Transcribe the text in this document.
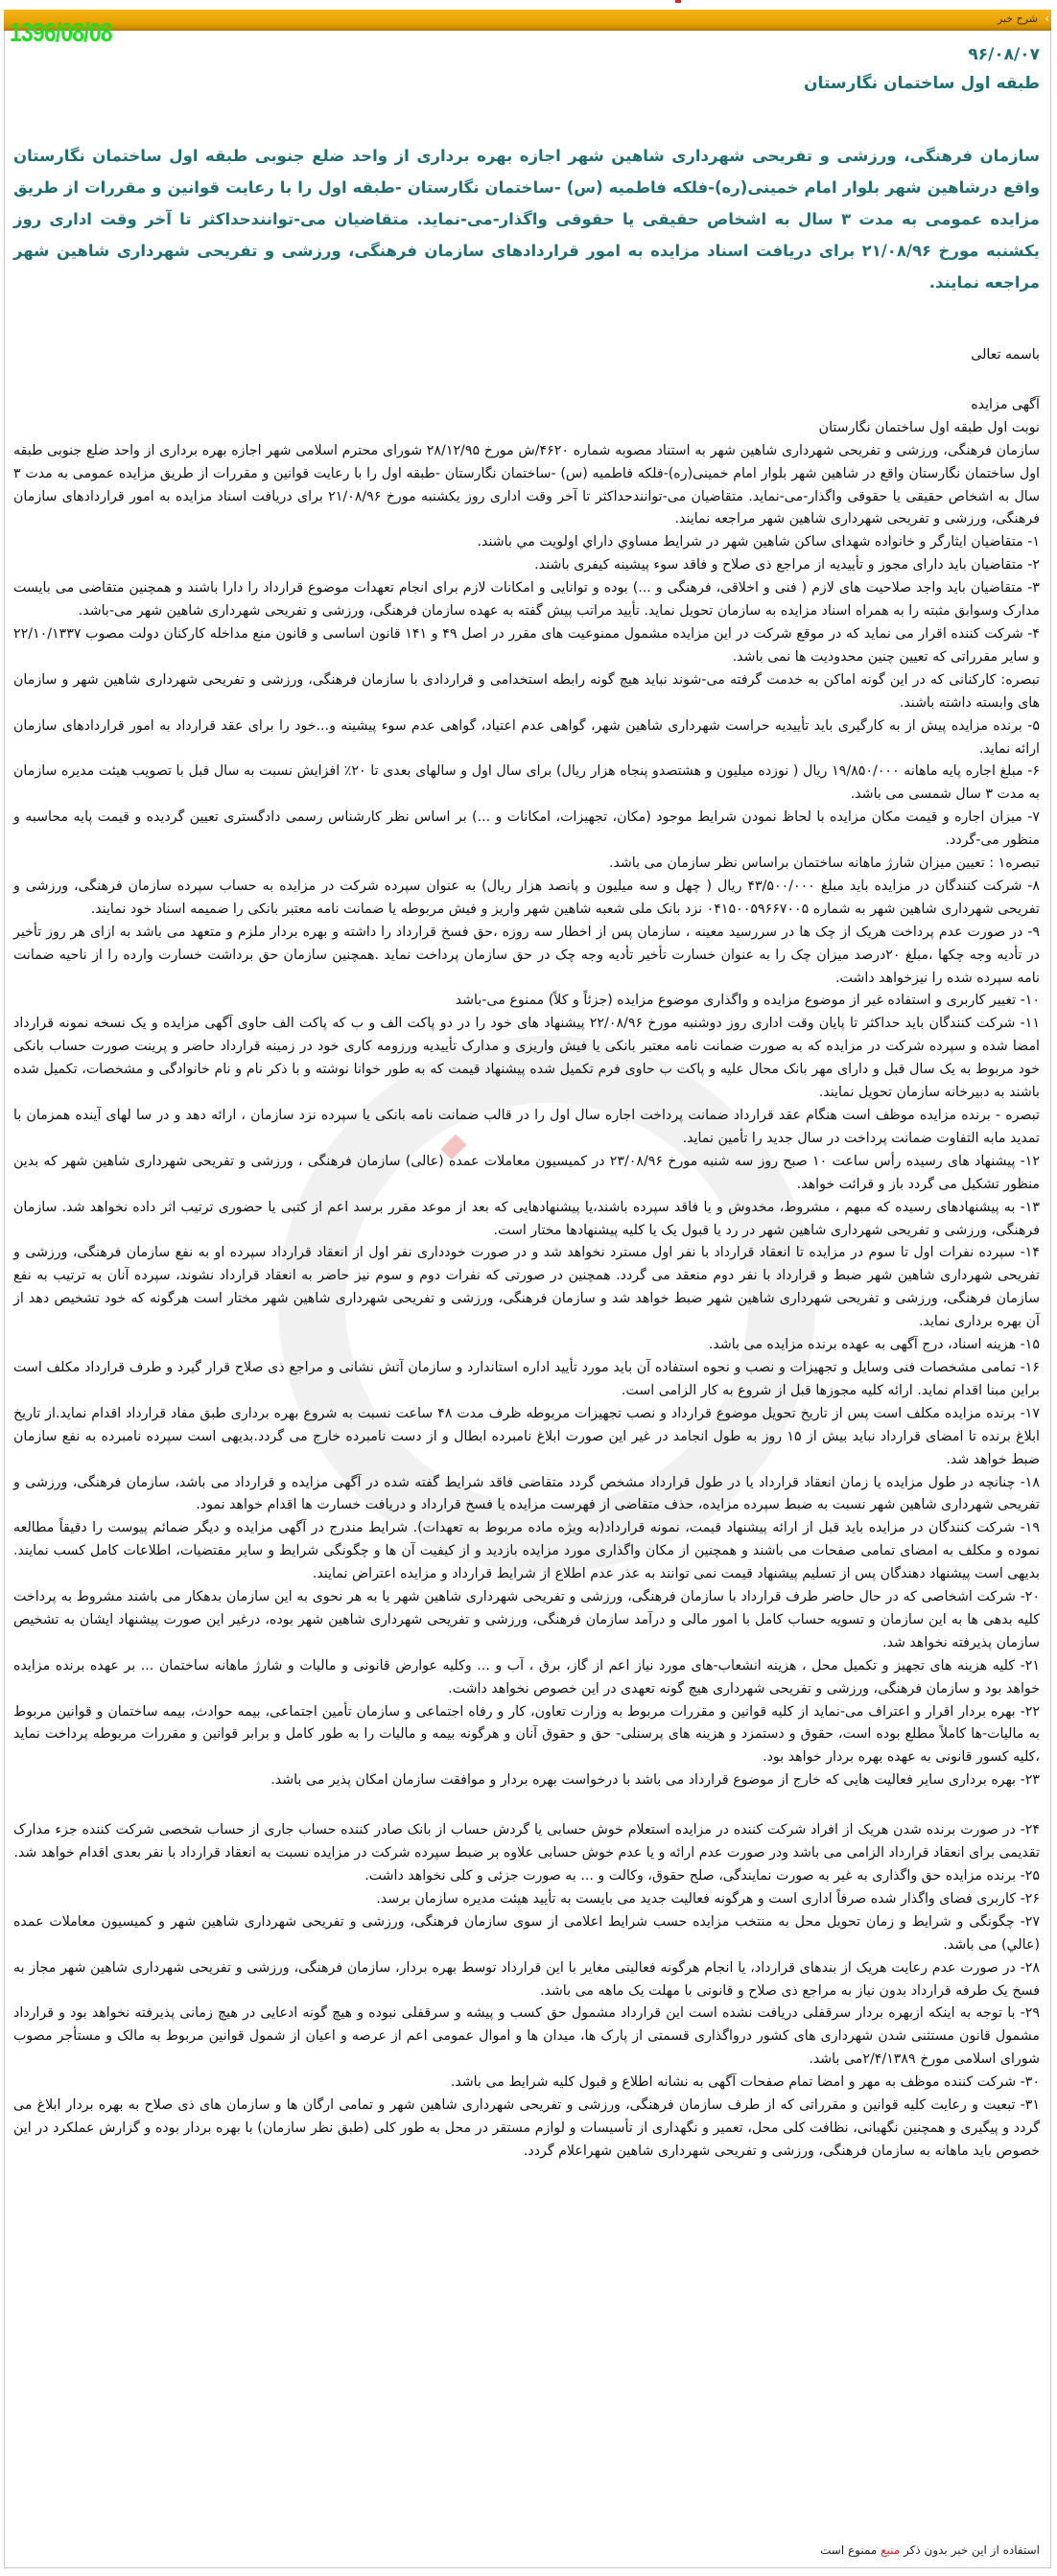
‹
شرح خبر
1396/08/08

۹۶/۰۸/۰۷

طبقه اول ساختمان نگارستان

سازمان فرهنگی، ورزشی و تفریحی شهرداری شاهین شهر اجازه بهره برداری از واحد ضلع جنوبی طبقه اول ساختمان نگارستان واقع درشاهین شهر بلوار امام خمینی(ره)-فلکه فاطمیه (س) -ساختمان نگارستان -طبقه اول را با رعایت قوانین و مقررات از طریق مزایده عمومی به مدت ۳ سال به اشخاص حقیقی یا حقوقی واگذار-می-نماید. متقاضیان می-توانندحداکثر تا آخر وقت اداری روز یکشنبه مورخ ۲۱/۰۸/۹۶ برای دریافت اسناد مزایده به امور قراردادهای سازمان فرهنگی، ورزشی و تفریحی شهرداری شاهین شهر مراجعه نمایند.

باسمه تعالی

آگهی مزایده

نوبت اول طبقه اول ساختمان نگارستان

سازمان فرهنگی، ورزشی و تفریحی شهرداری شاهین شهر به استناد مصوبه شماره ۴۶۲۰/ش مورخ ۲۸/۱۲/۹۵ شورای محترم اسلامی شهر اجازه بهره برداری از واحد ضلع جنوبی طبقه اول ساختمان نگارستان واقع در شاهین شهر بلوار امام خمینی(ره)-فلکه فاطمیه (س) -ساختمان نگارستان -طبقه اول را با رعایت قوانین و مقررات از طریق مزایده عمومی به مدت ۳ سال به اشخاص حقیقی یا حقوقی واگذار-می-نماید. متقاضیان می-توانندحداکثر تا آخر وقت اداری روز یکشنبه مورخ ۲۱/۰۸/۹۶ برای دریافت اسناد مزایده به امور قراردادهای سازمان فرهنگی، ورزشی و تفریحی شهرداری شاهین شهر مراجعه نمایند.

۱- متقاضیان ایثارگر و خانواده شهدای ساکن شاهین شهر در شرایط مساوي داراي اولويت مي باشند.

۲- متقاضیان باید دارای مجوز و تأییدیه از مراجع ذی صلاح و فاقد سوء پیشینه کیفری باشند.

۳- متقاضیان باید واجد صلاحیت های لازم ( فنی و اخلاقی، فرهنگی و ...) بوده و توانایی و امکانات لازم برای انجام تعهدات موضوع قرارداد را دارا باشند و همچنین متقاضی می بایست مدارک وسوابق مثبته را به همراه اسناد مزایده به سازمان تحویل نماید. تأیید مراتب پیش گفته به عهده سازمان فرهنگی، ورزشی و تفریحی شهرداری شاهین شهر می-باشد.

۴- شرکت کننده اقرار می نماید که در موقع شرکت در این مزایده مشمول ممنوعیت های مقرر در اصل ۴۹ و ۱۴۱ قانون اساسی و قانون منع مداخله کارکنان دولت مصوب ۲۲/۱۰/۱۳۳۷ و سایر مقرراتی که تعیین چنین محدودیت ها نمی باشد.

تبصره: کارکنانی که در این گونه اماکن به خدمت گرفته می-شوند نباید هیچ گونه رابطه استخدامی و قراردادی با سازمان فرهنگی، ورزشی و تفریحی شهرداری شاهین شهر و سازمان های وابسته داشته باشند.

۵- برنده مزایده پیش از به کارگیری باید تأییدیه حراست شهرداری شاهین شهر، گواهی عدم اعتیاد، گواهی عدم سوء پیشینه و...خود را برای عقد قرارداد به امور قراردادهای سازمان ارائه نماید.

۶- مبلغ اجاره پایه ماهانه ۱۹/۸۵۰/۰۰۰ ریال ( نوزده میلیون و هشتصدو پنجاه هزار ریال) برای سال اول و سالهای بعدی تا ۲۰٪ افزایش نسبت به سال قبل با تصویب هیئت مدیره سازمان به مدت ۳ سال شمسی می باشد.

۷- میزان اجاره و قیمت مکان مزایده با لحاظ نمودن شرایط موجود (مکان، تجهیزات، امکانات و ...) بر اساس نظر کارشناس رسمی دادگستری تعیین گردیده و قیمت پایه محاسبه و منظور می-گردد.

تبصره۱ : تعیین میزان شارژ ماهانه ساختمان براساس نظر سازمان می باشد.

۸- شرکت کنندگان در مزایده باید مبلغ ۴۳/۵۰۰/۰۰۰ ریال ( چهل و سه میلیون و پانصد هزار ریال) به عنوان سپرده شرکت در مزایده به حساب سپرده سازمان فرهنگی، ورزشی و تفریحی شهرداری شاهین شهر به شماره ۰۴۱۵۰۰۵۹۶۶۷۰۰۵ نزد بانک ملی شعبه شاهین شهر واریز و فیش مربوطه یا ضمانت نامه معتبر بانکی را ضمیمه اسناد خود نمایند.

۹- در صورت عدم پرداخت هریک از چک ها در سررسید معینه ، سازمان پس از اخطار سه روزه ،حق فسخ قرارداد را داشته و بهره بردار ملزم و متعهد می باشد به ازای هر روز تأخیر در تأدیه وجه چکها ،مبلغ ۲۰درصد میزان چک را به عنوان خسارت تأخیر تأدیه وجه چک در حق سازمان پرداخت نماید .همچنین سازمان حق برداشت خسارت وارده را از ناحیه ضمانت نامه سپرده شده را نیزخواهد داشت.

۱۰- تغییر کاربری و استفاده غیر از موضوع مزایده و واگذاری موضوع مزایده (جزئاً و کلاً) ممنوع می-باشد

۱۱- شرکت کنندگان باید حداکثر تا پایان وقت اداری روز دوشنبه مورخ ۲۲/۰۸/۹۶ پیشنهاد های خود را در دو پاکت الف و ب که پاکت الف حاوی آگهی مزایده و یک نسخه نمونه قرارداد امضا شده و سپرده شرکت در مزایده که به صورت ضمانت نامه معتبر بانکی یا فیش واریزی و مدارک تأییدیه ورزومه کاری خود در زمینه قرارداد حاضر و پرینت صورت حساب بانکی خود مربوط به یک سال قبل و دارای مهر بانک محال علیه و پاکت ب حاوی فرم تکمیل شده پیشنهاد قیمت که به طور خوانا نوشته و با ذکر نام و نام خانوادگی و مشخصات، تکمیل شده باشند به دبیرخانه سازمان تحویل نمایند.

تبصره - برنده مزایده موظف است هنگام عقد قرارداد ضمانت پرداخت اجاره سال اول را در قالب ضمانت نامه بانکی یا سپرده نزد سازمان ، ارائه دهد و در سا لهای آینده همزمان با تمدید مابه التفاوت ضمانت پرداخت در سال جدید را تأمین نماید.

۱۲- پیشنهاد های رسیده رأس ساعت ۱۰ صبح روز سه شنبه مورخ ۲۳/۰۸/۹۶ در کمیسیون معاملات عمده (عالی) سازمان فرهنگی ، ورزشی و تفریحی شهرداری شاهین شهر که بدین منظور تشکیل می گردد باز و قرائت خواهد.

۱۳- به پیشنهادهای رسیده که مبهم ، مشروط، مخدوش و یا فاقد سپرده باشند،یا پیشنهادهایی که بعد از موعد مقرر برسد اعم از کتبی یا حضوری ترتیب اثر داده نخواهد شد. سازمان فرهنگی، ورزشی و تفریحی شهرداری شاهین شهر در رد یا قبول یک یا کلیه پیشنهادها مختار است.

۱۴- سپرده نفرات اول تا سوم در مزایده تا انعقاد قرارداد با نفر اول مسترد نخواهد شد و در صورت خودداری نفر اول از انعقاد قرارداد سپرده او به نفع سازمان فرهنگی، ورزشی و تفریحی شهرداری شاهین شهر ضبط و قرارداد با نفر دوم منعقد می گردد. همچنین در صورتی که نفرات دوم و سوم نیز حاضر به انعقاد قرارداد نشوند، سپرده آنان به ترتیب به نفع سازمان فرهنگی، ورزشی و تفریحی شهرداری شاهین شهر ضبط خواهد شد و سازمان فرهنگی، ورزشی و تفریحی شهرداری شاهین شهر مختار است هرگونه که خود تشخیص دهد از آن بهره برداری نماید.

۱۵- هزینه اسناد، درج آگهی به عهده برنده مزایده می باشد.

۱۶- تمامی مشخصات فنی وسایل و تجهیزات و نصب و نحوه استفاده آن باید مورد تأیید اداره استاندارد و سازمان آتش نشانی و مراجع ذی صلاح قرار گیرد و طرف قرارداد مکلف است براین مبنا اقدام نماید. ارائه کلیه مجوزها قبل از شروع به کار الزامی است.

۱۷- برنده مزایده مکلف است پس از تاریخ تحویل موضوع قرارداد و نصب تجهیزات مربوطه ظرف مدت ۴۸ ساعت نسبت به شروع بهره برداری طبق مفاد قرارداد اقدام نماید.از تاریخ ابلاغ برنده تا امضای قرارداد نباید بیش از ۱۵ روز به طول انجامد در غیر این صورت ابلاغ نامبرده ابطال و از دست نامبرده خارج می گردد.بدیهی است سپرده نامبرده به نفع سازمان ضبط خواهد شد.

۱۸- چنانچه در طول مزایده یا زمان انعقاد قرارداد یا در طول قرارداد مشخص گردد متقاضی فاقد شرایط گفته شده در آگهی مزایده و قرارداد می باشد، سازمان فرهنگی، ورزشی و تفریحی شهرداری شاهین شهر نسبت به ضبط سپرده مزایده، حذف متقاضی از فهرست مزایده یا فسخ قرارداد و دریافت خسارت ها اقدام خواهد نمود.

۱۹- شرکت کنندگان در مزایده باید قبل از ارائه پیشنهاد قیمت، نمونه قرارداد(به ویژه ماده مربوط به تعهدات). شرایط مندرج در آگهی مزایده و دیگر ضمائم پیوست را دقیقاً مطالعه نموده و مکلف به امضای تمامی صفحات می باشند و همچنین از مکان واگذاری مورد مزایده بازدید و از کیفیت آن ها و چگونگی شرایط و سایر مقتضیات، اطلاعات کامل کسب نمایند. بدیهی است پیشنهاد دهندگان پس از تسلیم پیشنهاد قیمت نمی توانند به عذر عدم اطلاع از شرایط قرارداد و مزایده اعتراض نمایند.

۲۰- شرکت اشخاصی که در حال حاضر طرف قرارداد با سازمان فرهنگی، ورزشی و تفریحی شهرداری شاهین شهر یا به هر نحوی به این سازمان بدهکار می باشند مشروط به پرداخت کلیه بدهی ها به این سازمان و تسویه حساب کامل با امور مالی و درآمد سازمان فرهنگی، ورزشی و تفریحی شهرداری شاهین شهر بوده، درغیر این صورت پیشنهاد ایشان به تشخیص سازمان پذیرفته نخواهد شد.

۲۱- کلیه هزینه های تجهیز و تکمیل محل ، هزینه انشعاب-های مورد نیاز اعم از گاز، برق ، آب و ... وکلیه عوارض قانونی و مالیات و شارژ ماهانه ساختمان ... بر عهده برنده مزایده خواهد بود و سازمان فرهنگی، ورزشی و تفریحی شهرداری هیچ گونه تعهدی در این خصوص نخواهد داشت.

۲۲- بهره بردار اقرار و اعتراف می-نماید از کلیه قوانین و مقررات مربوط به وزارت تعاون، کار و رفاه اجتماعی و سازمان تأمین اجتماعی، بیمه حوادث، بیمه ساختمان و قوانین مربوط به مالیات-ها کاملاً مطلع بوده است، حقوق و دستمزد و هزینه های پرسنلی- حق و حقوق آنان و هرگونه بیمه و مالیات را به طور کامل و برابر قوانین و مقررات مربوطه پرداخت نماید ،کلیه کسور قانونی به عهده بهره بردار خواهد بود.

۲۳- بهره برداری سایر فعالیت هایی که خارج از موضوع قرارداد می باشد با درخواست بهره بردار و موافقت سازمان امکان پذیر می باشد.

۲۴- در صورت برنده شدن هریک از افراد شرکت کننده در مزایده استعلام خوش حسابی یا گردش حساب از بانک صادر کننده حساب جاری از حساب شخصی شرکت کننده جزء مدارک تقدیمی برای انعقاد قرارداد الزامی می باشد ودر صورت عدم ارائه و یا عدم خوش حسابی علاوه بر ضبط سپرده شرکت در مزایده نسبت به انعقاد قرارداد با نفر بعدی اقدام خواهد شد.

۲۵- برنده مزایده حق واگذاری به غیر به صورت نمایندگی، صلح حقوق، وکالت و ... به صورت جزئی و کلی نخواهد داشت.

۲۶- کاربری فضای واگذار شده صرفاً اداری است و هرگونه فعالیت جدید می بایست به تأیید هیئت مدیره سازمان برسد.

۲۷- چگونگی و شرایط و زمان تحویل محل به منتخب مزایده حسب شرایط اعلامی از سوی سازمان فرهنگی، ورزشی و تفریحی شهرداری شاهین شهر و کمیسیون معاملات عمده (عالي) می باشد.

۲۸- در صورت عدم رعایت هریک از بندهای قرارداد، یا انجام هرگونه فعالیتی مغایر با این قرارداد توسط بهره بردار، سازمان فرهنگی، ورزشی و تفریحی شهرداری شاهین شهر مجاز به فسخ یک طرفه قرارداد بدون نیاز به مراجع ذی صلاح و قانونی با مهلت یک ماهه می باشد.

۲۹- با توجه به اینکه ازبهره بردار سرقفلی دریافت نشده است این قرارداد مشمول حق کسب و پیشه و سرقفلی نبوده و هیچ گونه ادعایی در هیچ زمانی پذیرفته نخواهد بود و قرارداد مشمول قانون مستثنی شدن شهرداری های کشور درواگذاری قسمتی از پارک ها، میدان ها و اموال عمومی اعم از عرصه و اعیان از شمول قوانین مربوط به مالک و مستأجر مصوب شورای اسلامی مورخ ۲/۴/۱۳۸۹می باشد.

۳۰- شرکت کننده موظف به مهر و امضا تمام صفحات آگهی به نشانه اطلاع و قبول کلیه شرایط می باشد.

۳۱- تبعیت و رعایت کلیه قوانین و مقرراتی که از طرف سازمان فرهنگی، ورزشی و تفریحی شهرداری شاهین شهر و تمامی ارگان ها و سازمان های ذی صلاح به بهره بردار ابلاغ می گردد و پیگیری و همچنین نگهبانی، نظافت کلی محل، تعمیر و نگهداری از تأسیسات و لوازم مستقر در محل به طور کلی (طبق نظر سازمان) با بهره بردار بوده و گزارش عملکرد در این خصوص باید ماهانه به سازمان فرهنگی، ورزشی و تفریحی شهرداری شاهین شهراعلام گردد.

استفاده از این خبر بدون ذکر منبع ممنوع است
